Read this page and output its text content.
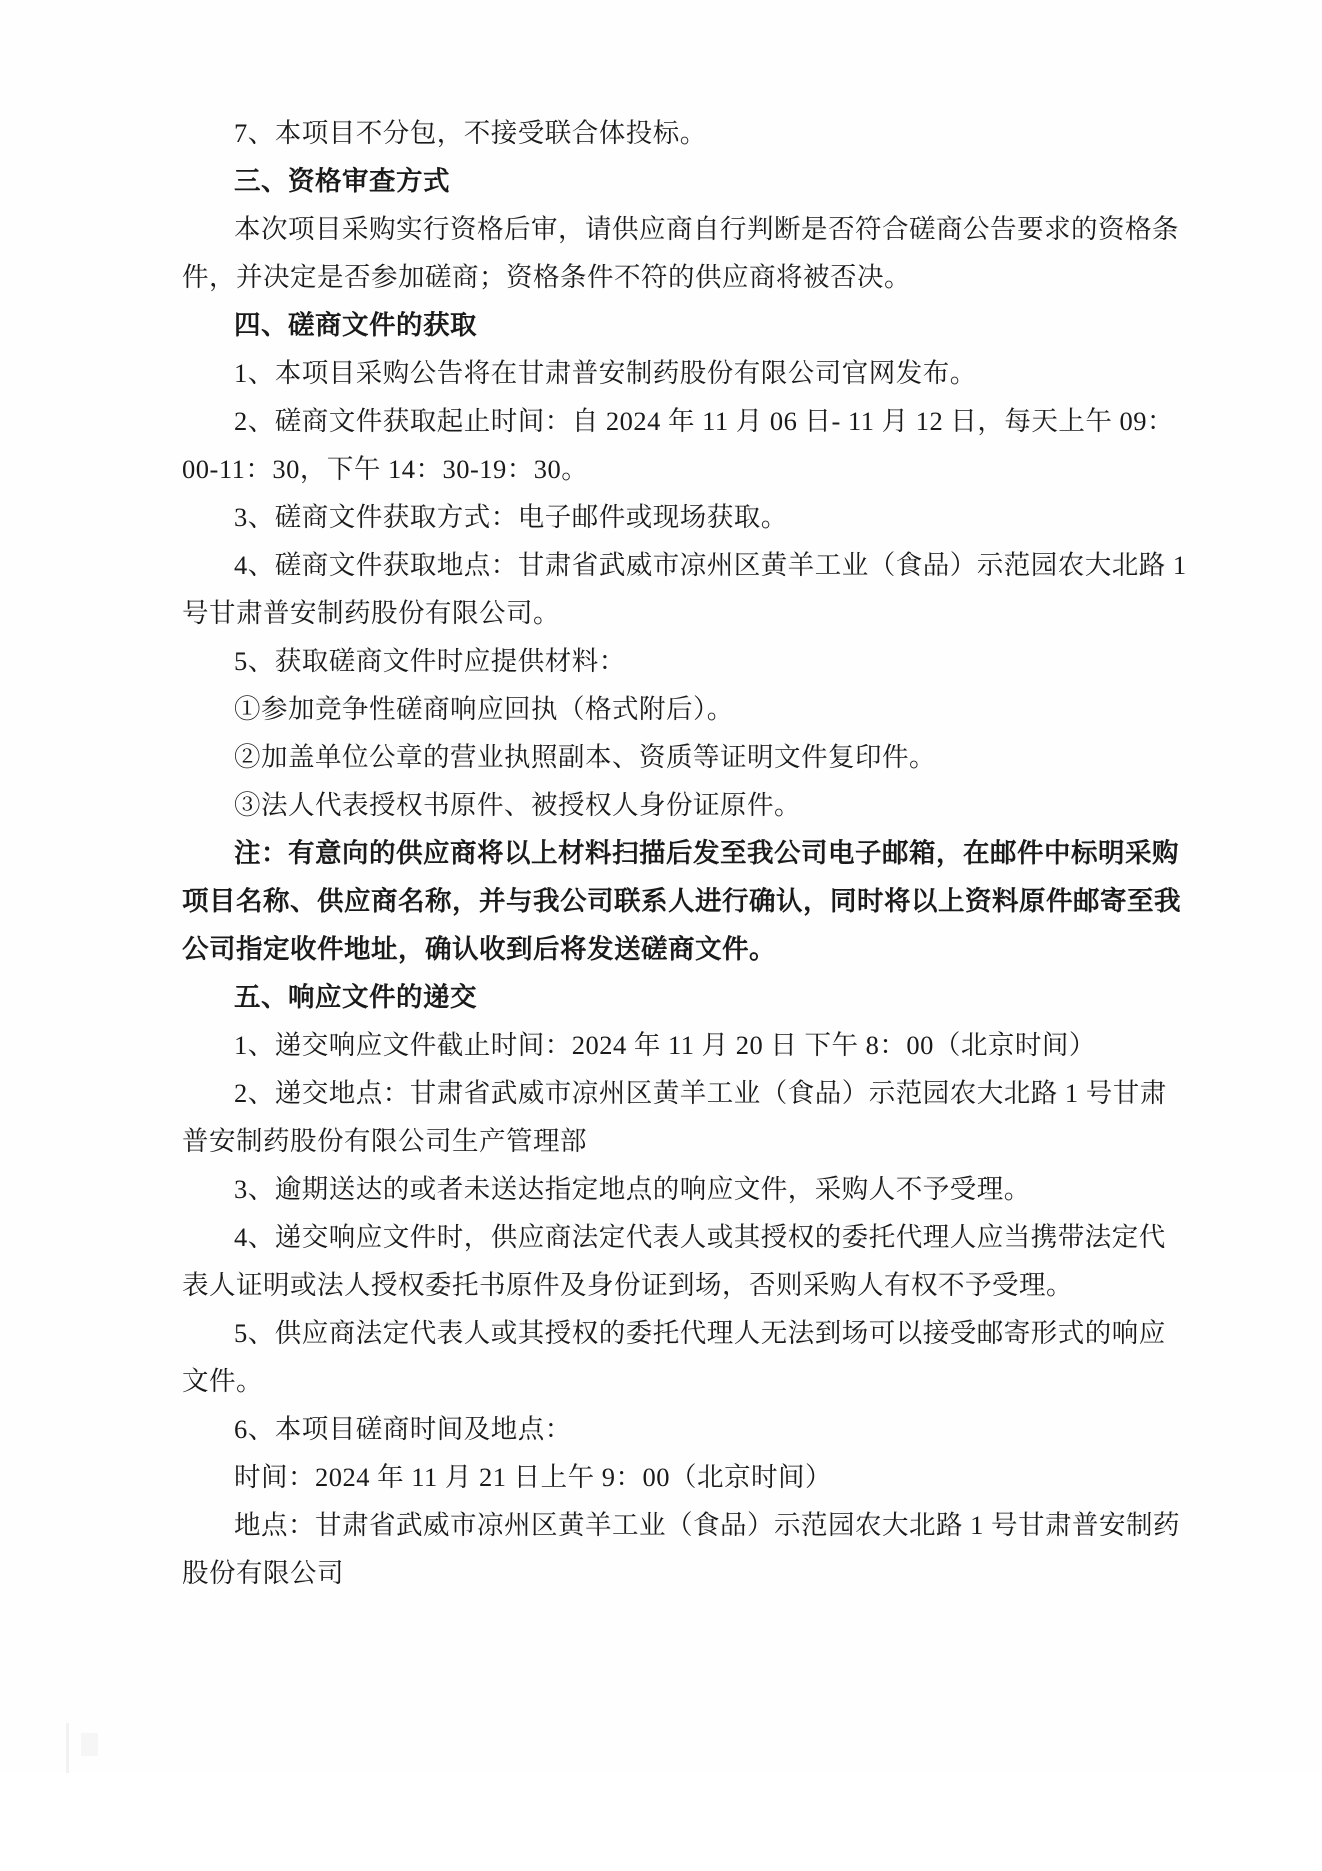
7、本项目不分包，不接受联合体投标。
三、资格审查方式
本次项目采购实行资格后审，请供应商自行判断是否符合磋商公告要求的资格条
件，并决定是否参加磋商；资格条件不符的供应商将被否决。
四、磋商文件的获取
1、本项目采购公告将在甘肃普安制药股份有限公司官网发布。
2、磋商文件获取起止时间：自 2024 年 11 月 06 日- 11 月 12 日，每天上午 09：
00-11：30，下午 14：30-19：30。
3、磋商文件获取方式：电子邮件或现场获取。
4、磋商文件获取地点：甘肃省武威市凉州区黄羊工业（食品）示范园农大北路 1
号甘肃普安制药股份有限公司。
5、获取磋商文件时应提供材料：
①参加竞争性磋商响应回执（格式附后）。
②加盖单位公章的营业执照副本、资质等证明文件复印件。
③法人代表授权书原件、被授权人身份证原件。
注：有意向的供应商将以上材料扫描后发至我公司电子邮箱，在邮件中标明采购
项目名称、供应商名称，并与我公司联系人进行确认，同时将以上资料原件邮寄至我
公司指定收件地址，确认收到后将发送磋商文件。
五、响应文件的递交
1、递交响应文件截止时间：2024 年 11 月 20 日 下午 8：00（北京时间）
2、递交地点：甘肃省武威市凉州区黄羊工业（食品）示范园农大北路 1 号甘肃
普安制药股份有限公司生产管理部
3、逾期送达的或者未送达指定地点的响应文件，采购人不予受理。
4、递交响应文件时，供应商法定代表人或其授权的委托代理人应当携带法定代
表人证明或法人授权委托书原件及身份证到场，否则采购人有权不予受理。
5、供应商法定代表人或其授权的委托代理人无法到场可以接受邮寄形式的响应
文件。
6、本项目磋商时间及地点：
时间：2024 年 11 月 21 日上午 9：00（北京时间）
地点：甘肃省武威市凉州区黄羊工业（食品）示范园农大北路 1 号甘肃普安制药
股份有限公司
